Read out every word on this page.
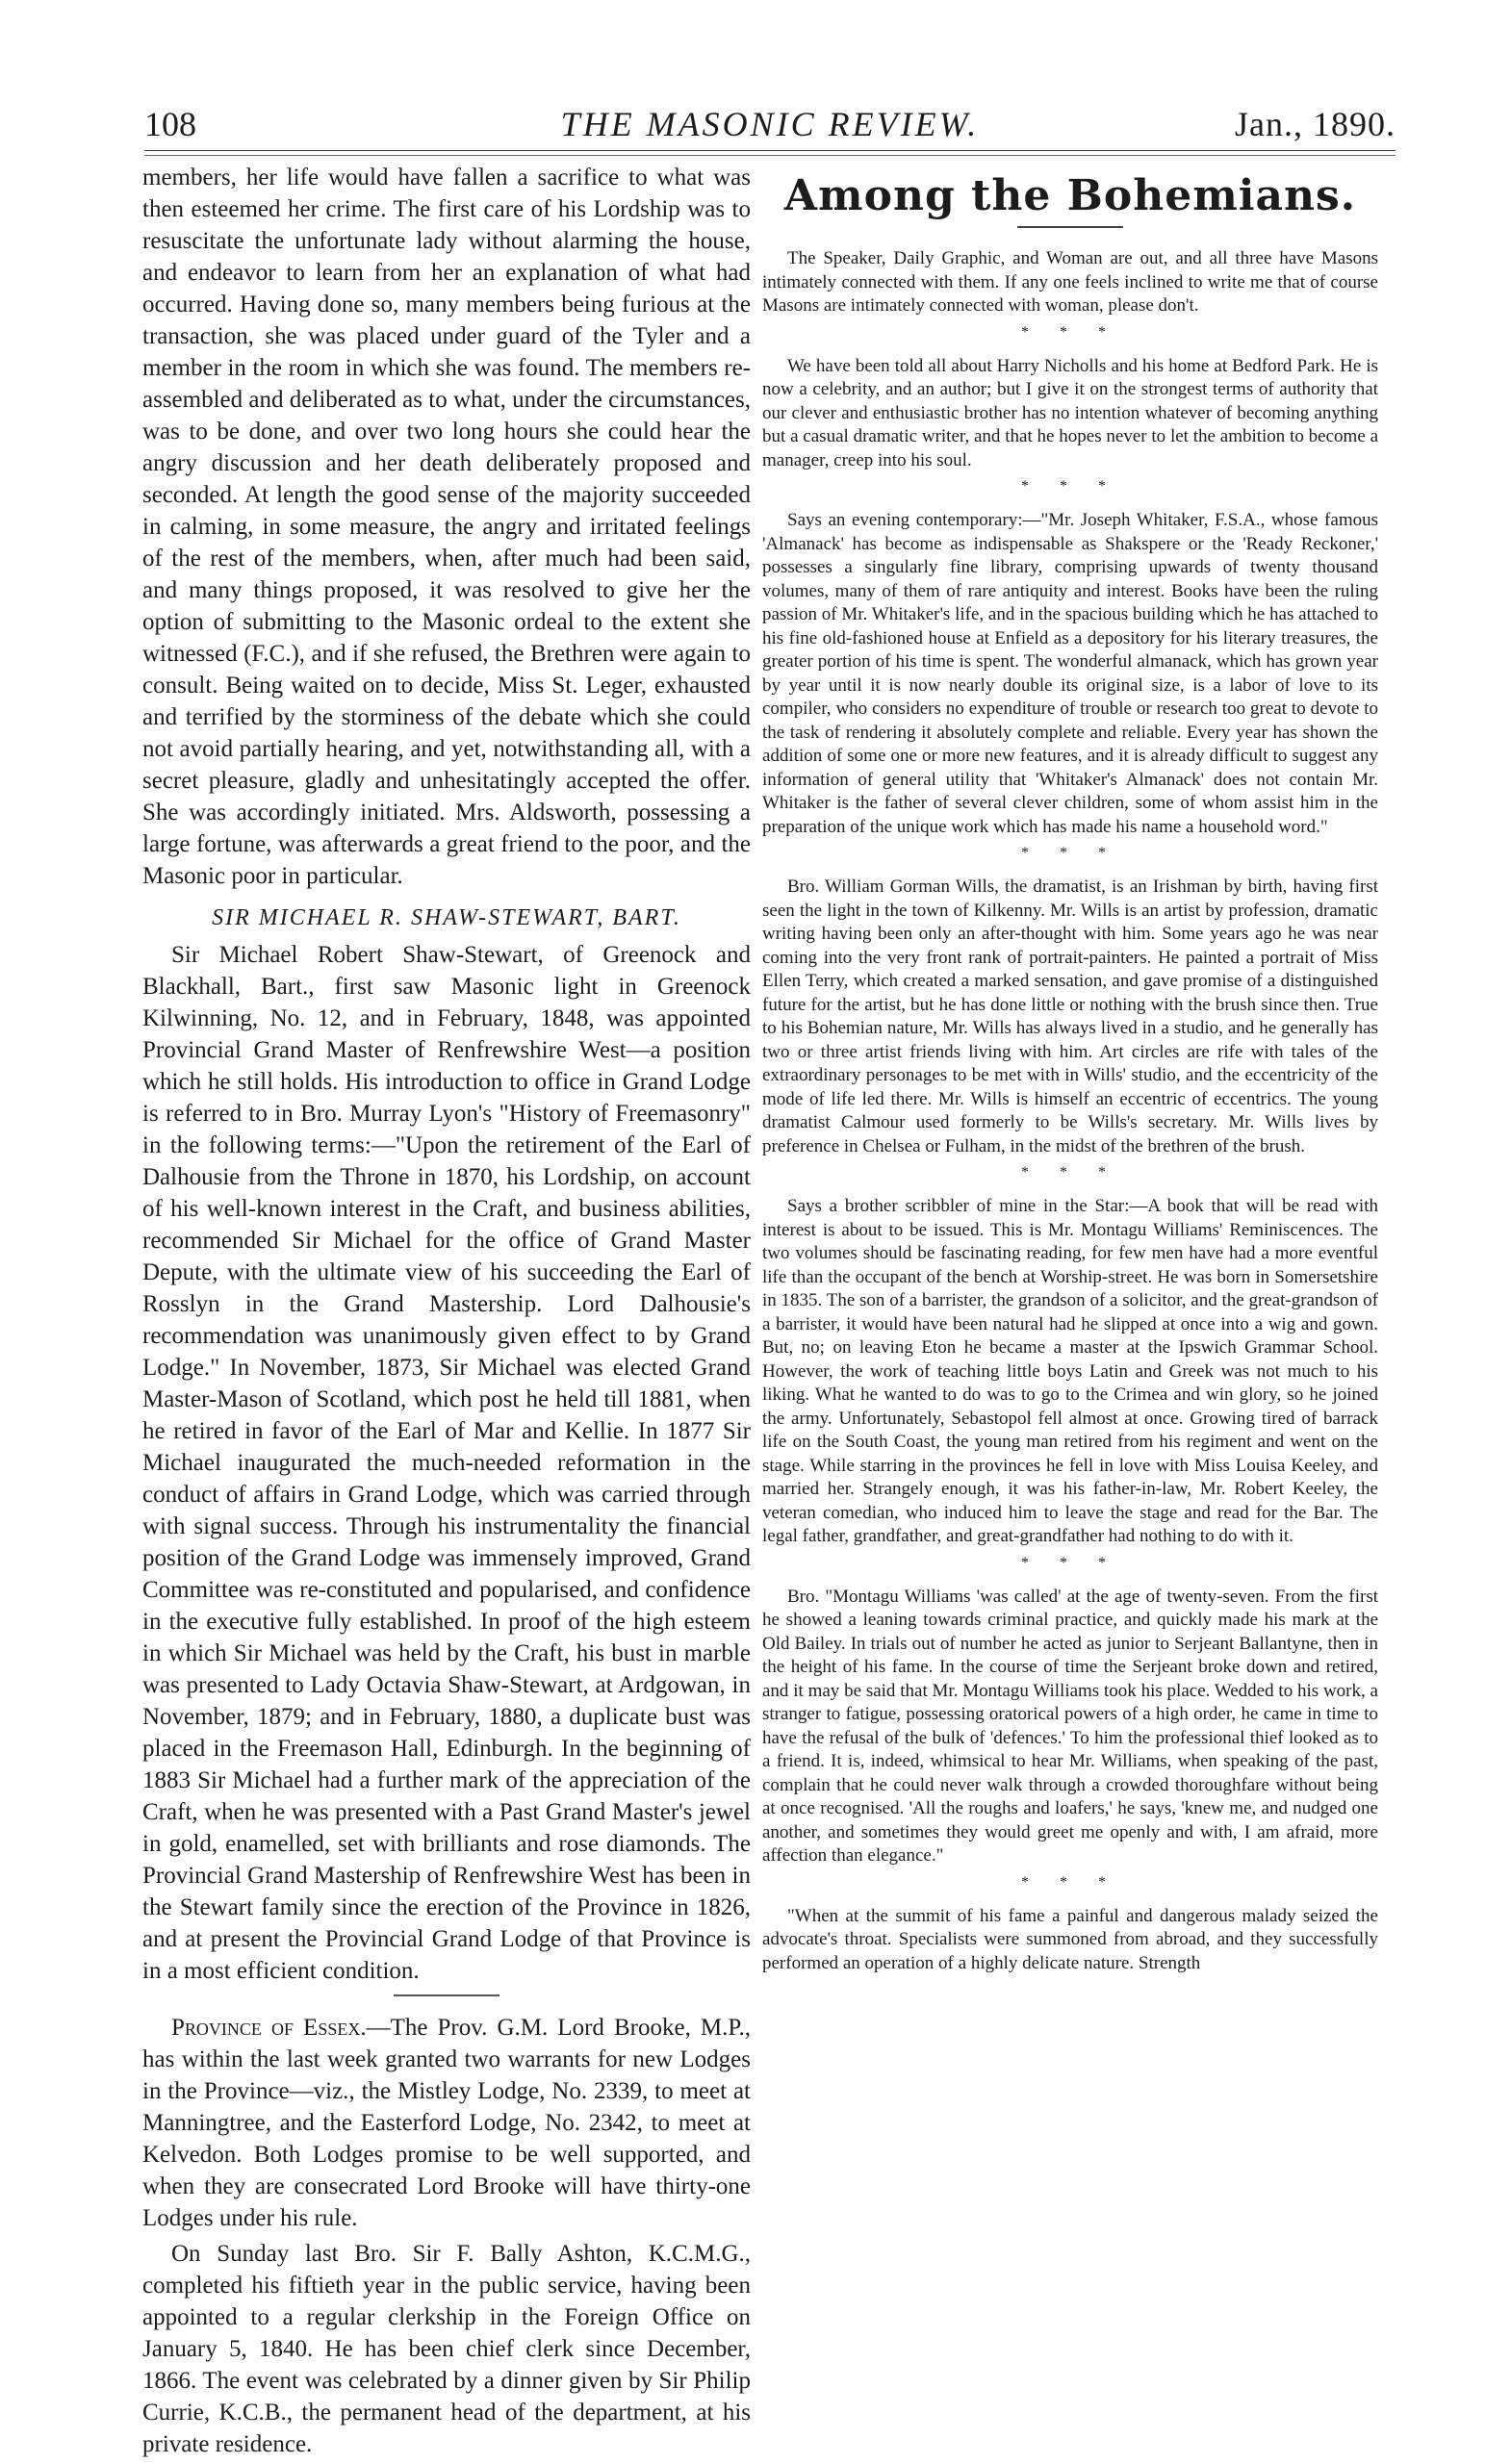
108	THE MASONIC REVIEW.	Jan., 1890.

members, her life would have fallen a sacrifice to what was then esteemed her crime. The first care of his Lordship was to resuscitate the unfortunate lady without alarming the house, and endeavor to learn from her an explanation of what had occurred. Having done so, many members being furious at the transaction, she was placed under guard of the Tyler and a member in the room in which she was found. The members re-assembled and deliberated as to what, under the circumstances, was to be done, and over two long hours she could hear the angry discussion and her death deliberately proposed and seconded. At length the good sense of the majority succeeded in calming, in some measure, the angry and irritated feelings of the rest of the members, when, after much had been said, and many things proposed, it was resolved to give her the option of submitting to the Masonic ordeal to the extent she witnessed (F.C.), and if she refused, the Brethren were again to consult. Being waited on to decide, Miss St. Leger, exhausted and terrified by the storminess of the debate which she could not avoid partially hearing, and yet, notwithstanding all, with a secret pleasure, gladly and unhesitatingly accepted the offer. She was accordingly initiated. Mrs. Aldsworth, possessing a large fortune, was afterwards a great friend to the poor, and the Masonic poor in particular.

SIR MICHAEL R. SHAW-STEWART, BART.

Sir Michael Robert Shaw-Stewart, of Greenock and Blackhall, Bart., first saw Masonic light in Greenock Kilwinning, No. 12, and in February, 1848, was appointed Provincial Grand Master of Renfrewshire West—a position which he still holds. His introduction to office in Grand Lodge is referred to in Bro. Murray Lyon's "History of Freemasonry" in the following terms:—"Upon the retirement of the Earl of Dalhousie from the Throne in 1870, his Lordship, on account of his well-known interest in the Craft, and business abilities, recommended Sir Michael for the office of Grand Master Depute, with the ultimate view of his succeeding the Earl of Rosslyn in the Grand Mastership. Lord Dalhousie's recommendation was unanimously given effect to by Grand Lodge." In November, 1873, Sir Michael was elected Grand Master-Mason of Scotland, which post he held till 1881, when he retired in favor of the Earl of Mar and Kellie. In 1877 Sir Michael inaugurated the much-needed reformation in the conduct of affairs in Grand Lodge, which was carried through with signal success. Through his instrumentality the financial position of the Grand Lodge was immensely improved, Grand Committee was re-constituted and popularised, and confidence in the executive fully established. In proof of the high esteem in which Sir Michael was held by the Craft, his bust in marble was presented to Lady Octavia Shaw-Stewart, at Ardgowan, in November, 1879; and in February, 1880, a duplicate bust was placed in the Freemason Hall, Edinburgh. In the beginning of 1883 Sir Michael had a further mark of the appreciation of the Craft, when he was presented with a Past Grand Master's jewel in gold, enamelled, set with brilliants and rose diamonds. The Provincial Grand Mastership of Renfrewshire West has been in the Stewart family since the erection of the Province in 1826, and at present the Provincial Grand Lodge of that Province is in a most efficient condition.

Province of Essex.—The Prov. G.M. Lord Brooke, M.P., has within the last week granted two warrants for new Lodges in the Province—viz., the Mistley Lodge, No. 2339, to meet at Manningtree, and the Easterford Lodge, No. 2342, to meet at Kelvedon. Both Lodges promise to be well supported, and when they are consecrated Lord Brooke will have thirty-one Lodges under his rule.

On Sunday last Bro. Sir F. Bally Ashton, K.C.M.G., completed his fiftieth year in the public service, having been appointed to a regular clerkship in the Foreign Office on January 5, 1840. He has been chief clerk since December, 1866. The event was celebrated by a dinner given by Sir Philip Currie, K.C.B., the permanent head of the department, at his private residence.

Among the Bohemians.

The Speaker, Daily Graphic, and Woman are out, and all three have Masons intimately connected with them. If any one feels inclined to write me that of course Masons are intimately connected with woman, please don't.

* * *

We have been told all about Harry Nicholls and his home at Bedford Park. He is now a celebrity, and an author; but I give it on the strongest terms of authority that our clever and enthusiastic brother has no intention whatever of becoming anything but a casual dramatic writer, and that he hopes never to let the ambition to become a manager, creep into his soul.

* * *

Says an evening contemporary:—"Mr. Joseph Whitaker, F.S.A., whose famous 'Almanack' has become as indispensable as Shakspere or the 'Ready Reckoner,' possesses a singularly fine library, comprising upwards of twenty thousand volumes, many of them of rare antiquity and interest. Books have been the ruling passion of Mr. Whitaker's life, and in the spacious building which he has attached to his fine old-fashioned house at Enfield as a depository for his literary treasures, the greater portion of his time is spent. The wonderful almanack, which has grown year by year until it is now nearly double its original size, is a labor of love to its compiler, who considers no expenditure of trouble or research too great to devote to the task of rendering it absolutely complete and reliable. Every year has shown the addition of some one or more new features, and it is already difficult to suggest any information of general utility that 'Whitaker's Almanack' does not contain Mr. Whitaker is the father of several clever children, some of whom assist him in the preparation of the unique work which has made his name a household word."

* * *

Bro. William Gorman Wills, the dramatist, is an Irishman by birth, having first seen the light in the town of Kilkenny. Mr. Wills is an artist by profession, dramatic writing having been only an after-thought with him. Some years ago he was near coming into the very front rank of portrait-painters. He painted a portrait of Miss Ellen Terry, which created a marked sensation, and gave promise of a distinguished future for the artist, but he has done little or nothing with the brush since then. True to his Bohemian nature, Mr. Wills has always lived in a studio, and he generally has two or three artist friends living with him. Art circles are rife with tales of the extraordinary personages to be met with in Wills' studio, and the eccentricity of the mode of life led there. Mr. Wills is himself an eccentric of eccentrics. The young dramatist Calmour used formerly to be Wills's secretary. Mr. Wills lives by preference in Chelsea or Fulham, in the midst of the brethren of the brush.

* * *

Says a brother scribbler of mine in the Star:—A book that will be read with interest is about to be issued. This is Mr. Montagu Williams' Reminiscences. The two volumes should be fascinating reading, for few men have had a more eventful life than the occupant of the bench at Worship-street. He was born in Somersetshire in 1835. The son of a barrister, the grandson of a solicitor, and the great-grandson of a barrister, it would have been natural had he slipped at once into a wig and gown. But, no; on leaving Eton he became a master at the Ipswich Grammar School. However, the work of teaching little boys Latin and Greek was not much to his liking. What he wanted to do was to go to the Crimea and win glory, so he joined the army. Unfortunately, Sebastopol fell almost at once. Growing tired of barrack life on the South Coast, the young man retired from his regiment and went on the stage. While starring in the provinces he fell in love with Miss Louisa Keeley, and married her. Strangely enough, it was his father-in-law, Mr. Robert Keeley, the veteran comedian, who induced him to leave the stage and read for the Bar. The legal father, grandfather, and great-grandfather had nothing to do with it.

* * *

Bro. "Montagu Williams 'was called' at the age of twenty-seven. From the first he showed a leaning towards criminal practice, and quickly made his mark at the Old Bailey. In trials out of number he acted as junior to Serjeant Ballantyne, then in the height of his fame. In the course of time the Serjeant broke down and retired, and it may be said that Mr. Montagu Williams took his place. Wedded to his work, a stranger to fatigue, possessing oratorical powers of a high order, he came in time to have the refusal of the bulk of 'defences.' To him the professional thief looked as to a friend. It is, indeed, whimsical to hear Mr. Williams, when speaking of the past, complain that he could never walk through a crowded thoroughfare without being at once recognised. 'All the roughs and loafers,' he says, 'knew me, and nudged one another, and sometimes they would greet me openly and with, I am afraid, more affection than elegance."

* * *

"When at the summit of his fame a painful and dangerous malady seized the advocate's throat. Specialists were summoned from abroad, and they successfully performed an operation of a highly delicate nature. Strength
